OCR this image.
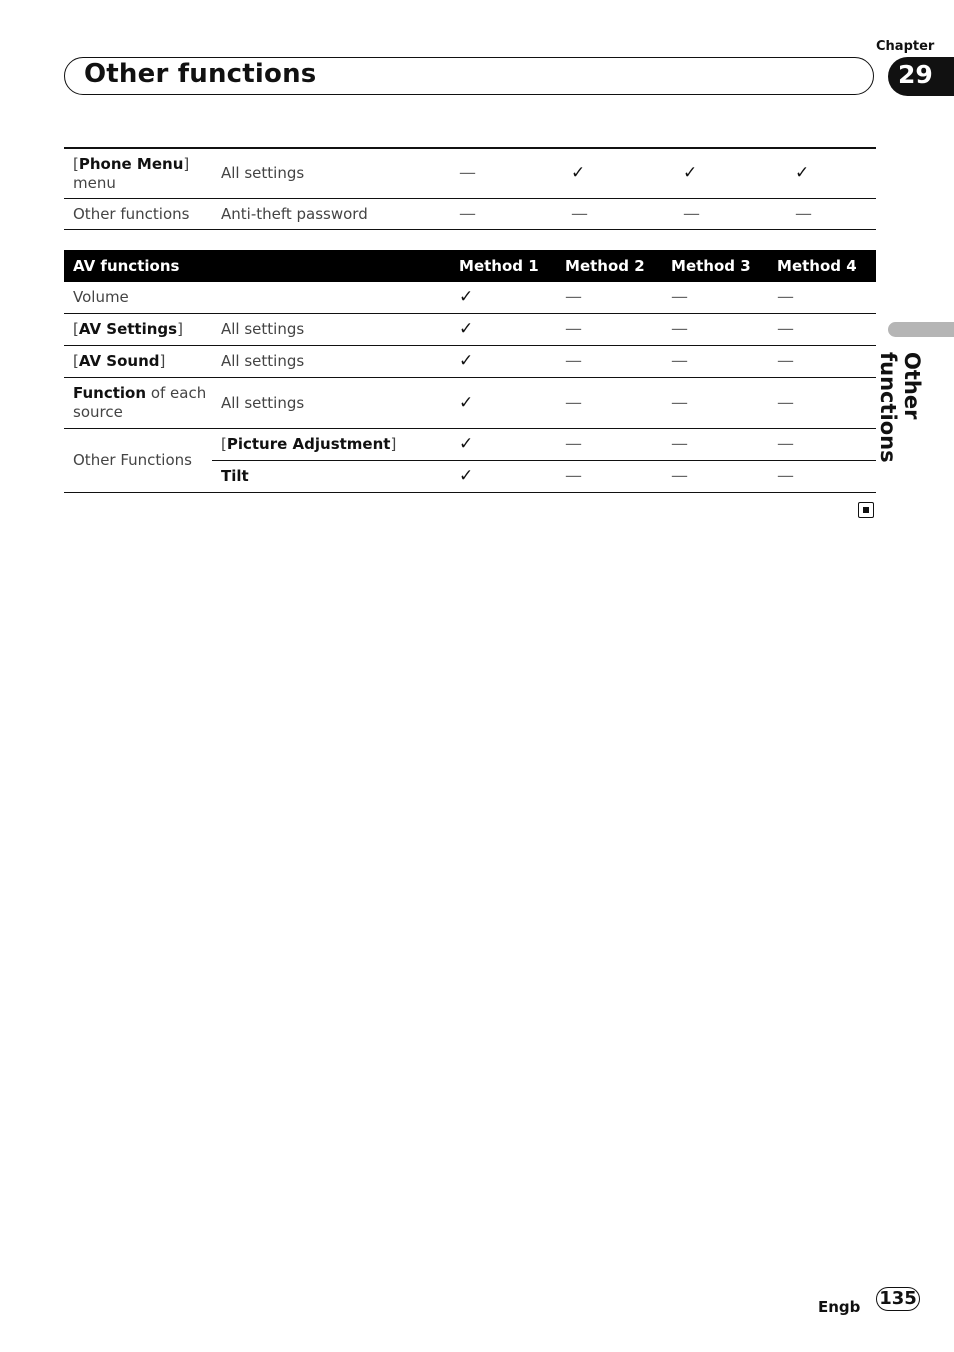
Other functions
Chapter
29
Other functions
[Phone Menu]
menu	All settings	—	✓	✓	✓
Other functions	Anti-theft password	—	—	—	—
AV functions		Method 1	Method 2	Method 3	Method 4
Volume		✓	—	—	—
[AV Settings]	All settings	✓	—	—	—
[AV Sound]	All settings	✓	—	—	—
Function of each
source	All settings	✓	—	—	—
Other Functions	[Picture Adjustment]	✓	—	—	—
	Tilt	✓	—	—	—
Engb 135
